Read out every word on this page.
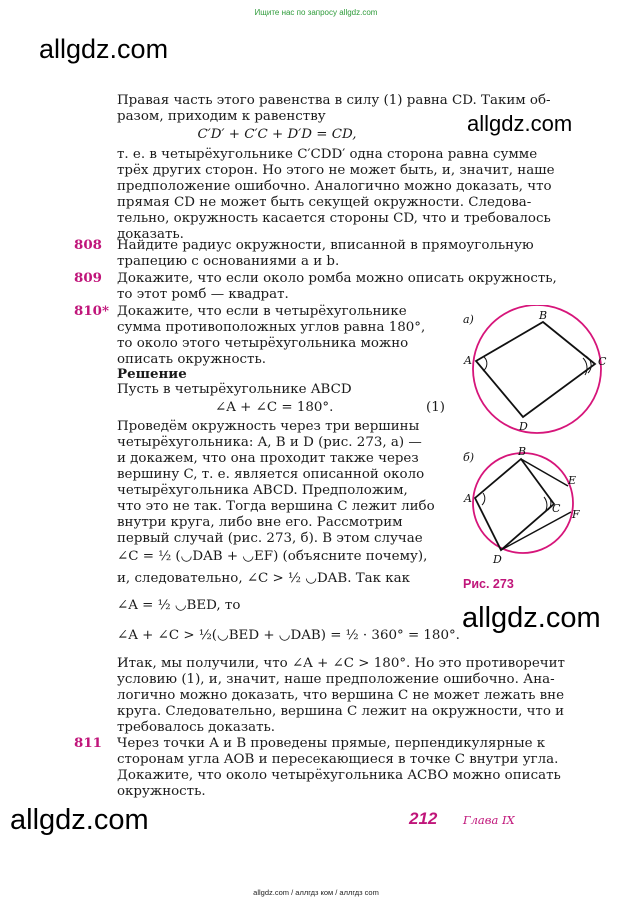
Ищите нас по запросу allgdz.com
allgdz.com
allgdz.com
allgdz.com
allgdz.com
Правая часть этого равенства в силу (1) равна CD. Таким об-
разом, приходим к равенству
C′D′ + C′C + D′D = CD,
т. е. в четырёхугольнике C′CDD′ одна сторона равна сумме
трёх других сторон. Но этого не может быть, и, значит, наше
предположение ошибочно. Аналогично можно доказать, что
прямая CD не может быть секущей окружности. Следова-
тельно, окружность касается стороны CD, что и требовалось
доказать.
808 Найдите радиус окружности, вписанной в прямоугольную
трапецию с основаниями a и b.
809 Докажите, что если около ромба можно описать окружность,
то этот ромб — квадрат.
810* Докажите, что если в четырёхугольнике
сумма противоположных углов равна 180°,
то около этого четырёхугольника можно
описать окружность.
Решение
Пусть в четырёхугольнике ABCD
∠A + ∠C = 180°.	(1)
Проведём окружность через три вершины
четырёхугольника: A, B и D (рис. 273, а) —
и докажем, что она проходит также через
вершину C, т. е. является описанной около
четырёхугольника ABCD. Предположим,
что это не так. Тогда вершина C лежит либо
внутри круга, либо вне его. Рассмотрим
первый случай (рис. 273, б). В этом случае
∠C = ½ (◡DAB + ◡EF) (объясните почему),
и, следовательно, ∠C > ½ ◡DAB. Так как
∠A = ½ ◡BED, то
∠A + ∠C > ½(◡BED + ◡DAB) = ½ · 360° = 180°.
Итак, мы получили, что ∠A + ∠C > 180°. Но это противоречит
условию (1), и, значит, наше предположение ошибочно. Ана-
логично можно доказать, что вершина C не может лежать вне
круга. Следовательно, вершина C лежит на окружности, что и
требовалось доказать.
811 Через точки A и B проведены прямые, перпендикулярные к
сторонам угла AOB и пересекающиеся в точке C внутри угла.
Докажите, что около четырёхугольника ACBO можно описать
окружность.
а)
A
B
C
D
б)
A
B
C
D
E
F
Рис. 273
212 Глава IX
allgdz.com / аллгдз ком / аллгдз com
